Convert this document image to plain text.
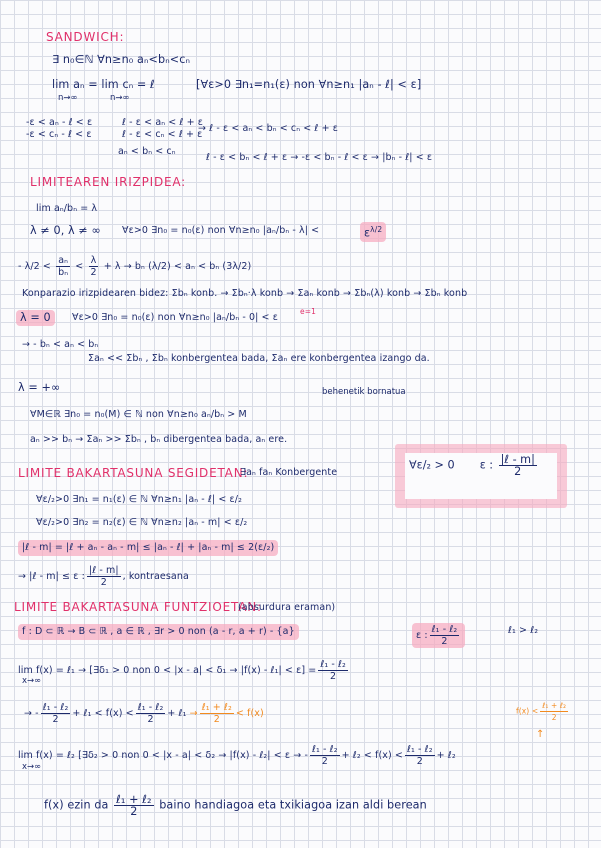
SANDWICH:
∃ n₀∈ℕ ∀n≥n₀ aₙ<bₙ<cₙ
lim aₙ = lim cₙ = ℓ	[∀ε>0 ∃n₁=n₁(ε) non ∀n≥n₁ |aₙ - ℓ| < ε]
n→∞	n→∞
-ε < aₙ - ℓ < ε	ℓ - ε < aₙ < ℓ + ε
-ε < cₙ - ℓ < ε	ℓ - ε < cₙ < ℓ + ε
→ ℓ - ε < aₙ < bₙ < cₙ < ℓ + ε
aₙ < bₙ < cₙ
ℓ - ε < bₙ < ℓ + ε → -ε < bₙ - ℓ < ε → |bₙ - ℓ| < ε
LIMITEAREN IRIZPIDEA:
lim aₙ/bₙ = λ
λ ≠ 0, λ ≠ ∞ ∀ε>0 ∃n₀ = n₀(ε) non ∀n≥n₀ |aₙ/bₙ - λ| <	$\varepsilon^{\lambda/2}$
- $\lambda/2 < \frac{\text{aₙ}}{\text{bₙ}} < \frac{\lambda}{2} + \lambda \to b_n$ (λ/2) < aₙ < bₙ (3λ/2)
Konparazio irizpidearen bidez: Σbₙ konb. → Σbₙ·λ konb → Σaₙ konb → Σbₙ(λ) konb → Σbₙ konb
λ = 0	∀ε>0 ∃n₀ = n₀(ε) non ∀n≥n₀ |aₙ/bₙ - 0| < ε
e=1
→ - bₙ < aₙ < bₙ
Σaₙ << Σbₙ , Σbₙ konbergentea bada, Σaₙ ere konbergentea izango da.
λ = +∞	behenetik bornatua
∀M∈ℝ ∃n₀ = n₀(M) ∈ ℕ non ∀n≥n₀ aₙ/bₙ > M
aₙ >> bₙ → Σaₙ >> Σbₙ , bₙ dibergentea bada, aₙ ere.
LIMITE BAKARTASUNA SEGIDETAN:
∃aₙ faₙ Konbergente
∀ε/₂>0 ∃n₁ = n₁(ε) ∈ ℕ ∀n≥n₁ |aₙ - ℓ| < ε/₂
∀ε/₂>0 ∃n₂ = n₂(ε) ∈ ℕ ∀n≥n₂ |aₙ - m| < ε/₂
|ℓ - m| = |ℓ + aₙ - aₙ - m| ≤ |aₙ - ℓ| + |aₙ - m| ≤ 2(ε/₂)
→ |ℓ - m| ≤ ε : $\frac{\text{|ℓ - m|}}{2}$ , kontraesana
∀ε/₂ > 0 ε : $\frac{\text{|ℓ - m|}}{2}$
LIMITE BAKARTASUNA FUNTZIOETAN:
(absurdura eraman)
f : D ⊂ ℝ → B ⊂ ℝ , a ∈ ℝ , ∃r > 0 non (a - r, a + r) - {a}	ε : $\frac{\text{ℓ₁ - ℓ₂}}{2}$	ℓ₁ > ℓ₂
lim f(x) = ℓ₁ → [∃δ₁ > 0 non 0 < |x - a| < δ₁ → |f(x) - ℓ₁| < $\varepsilon] = \frac{\text{ℓ₁ - ℓ₂}}{2}$
x→∞
→ - $\frac{\text{ℓ₁ - ℓ₂}}{2}$ + ℓ₁ < $f(x) < \frac{\text{ℓ₁ - ℓ₂}}{2}$ + ℓ₁ → $\frac{\text{ℓ₁ + ℓ₂}}{2} < f(x)$	$f(x) < \frac{\text{ℓ₁ + ℓ₂}}{2}$
↑
lim f(x) = ℓ₂ [∃δ₂ > 0 non 0 < |x - a| < δ₂ → |f(x) - ℓ₂| < ε → - $\frac{\text{ℓ₁ - ℓ₂}}{2}$ + ℓ₂ < $f(x) < \frac{\text{ℓ₁ - ℓ₂}}{2}$ + ℓ₂
x→∞
f(x) ezin da $\frac{\text{ℓ₁ + ℓ₂}}{2}$ baino handiagoa eta txikiagoa izan aldi berean
